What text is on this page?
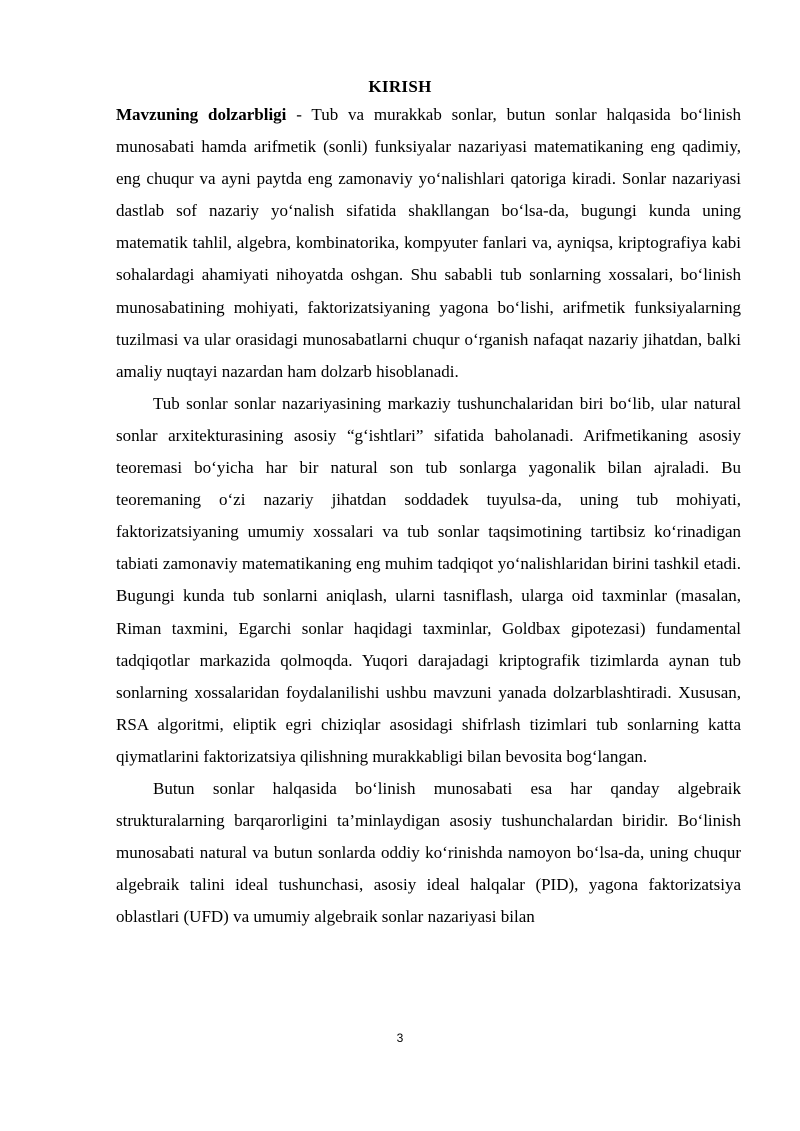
KIRISH

Mavzuning dolzarbligi - Tub va murakkab sonlar, butun sonlar halqasida bo‘linish munosabati hamda arifmetik (sonli) funksiyalar nazariyasi matematikaning eng qadimiy, eng chuqur va ayni paytda eng zamonaviy yo‘nalishlari qatoriga kiradi. Sonlar nazariyasi dastlab sof nazariy yo‘nalish sifatida shakllangan bo‘lsa-da, bugungi kunda uning matematik tahlil, algebra, kombinatorika, kompyuter fanlari va, ayniqsa, kriptografiya kabi sohalardagi ahamiyati nihoyatda oshgan. Shu sababli tub sonlarning xossalari, bo‘linish munosabatining mohiyati, faktorizatsiyaning yagona bo‘lishi, arifmetik funksiyalarning tuzilmasi va ular orasidagi munosabatlarni chuqur o‘rganish nafaqat nazariy jihatdan, balki amaliy nuqtayi nazardan ham dolzarb hisoblanadi.

Tub sonlar sonlar nazariyasining markaziy tushunchalaridan biri bo‘lib, ular natural sonlar arxitekturasining asosiy “g‘ishtlari” sifatida baholanadi. Arifmetikaning asosiy teoremasi bo‘yicha har bir natural son tub sonlarga yagonalik bilan ajraladi. Bu teoremaning o‘zi nazariy jihatdan soddadek tuyulsa-da, uning tub mohiyati, faktorizatsiyaning umumiy xossalari va tub sonlar taqsimotining tartibsiz ko‘rinadigan tabiati zamonaviy matematikaning eng muhim tadqiqot yo‘nalishlaridan birini tashkil etadi. Bugungi kunda tub sonlarni aniqlash, ularni tasniflash, ularga oid taxminlar (masalan, Riman taxmini, Egarchi sonlar haqidagi taxminlar, Goldbax gipotezasi) fundamental tadqiqotlar markazida qolmoqda. Yuqori darajadagi kriptografik tizimlarda aynan tub sonlarning xossalaridan foydalanilishi ushbu mavzuni yanada dolzarblashtiradi. Xususan, RSA algoritmi, eliptik egri chiziqlar asosidagi shifrlash tizimlari tub sonlarning katta qiymatlarini faktorizatsiya qilishning murakkabligi bilan bevosita bog‘langan.

Butun sonlar halqasida bo‘linish munosabati esa har qanday algebraik strukturalarning barqarorligini ta’minlaydigan asosiy tushunchalardan biridir. Bo‘linish munosabati natural va butun sonlarda oddiy ko‘rinishda namoyon bo‘lsa-da, uning chuqur algebraik talini ideal tushunchasi, asosiy ideal halqalar (PID), yagona faktorizatsiya oblastlari (UFD) va umumiy algebraik sonlar nazariyasi bilan

3
